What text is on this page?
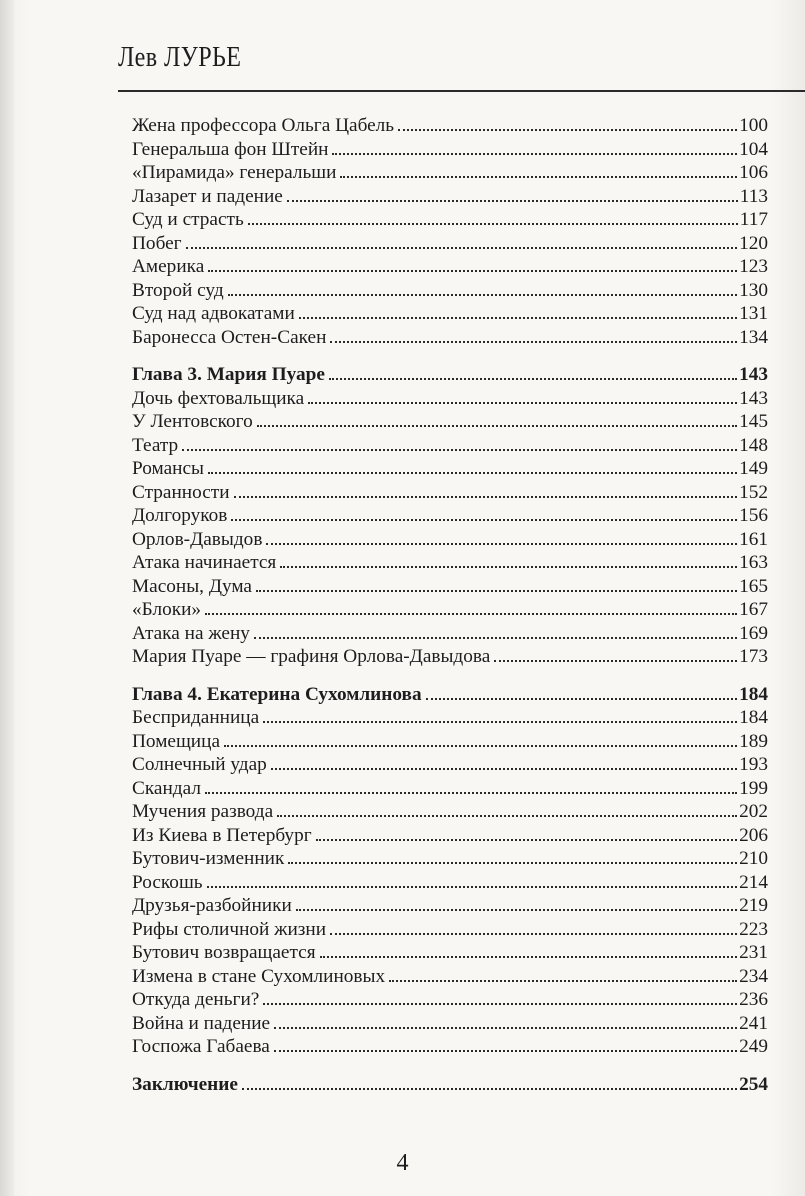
Лев ЛУРЬЕ
Жена профессора Ольга Цабель	100
Генеральша фон Штейн	104
«Пирамида» генеральши	106
Лазарет и падение	113
Суд и страсть	117
Побег	120
Америка	123
Второй суд	130
Суд над адвокатами	131
Баронесса Остен-Сакен	134
Глава 3. Мария Пуаре	143
Дочь фехтовальщика	143
У Лентовского	145
Театр	148
Романсы	149
Странности	152
Долгоруков	156
Орлов-Давыдов	161
Атака начинается	163
Масоны, Дума	165
«Блоки»	167
Атака на жену	169
Мария Пуаре — графиня Орлова-Давыдова	173
Глава 4. Екатерина Сухомлинова	184
Бесприданница	184
Помещица	189
Солнечный удар	193
Скандал	199
Мучения развода	202
Из Киева в Петербург	206
Бутович-изменник	210
Роскошь	214
Друзья-разбойники	219
Рифы столичной жизни	223
Бутович возвращается	231
Измена в стане Сухомлиновых	234
Откуда деньги?	236
Война и падение	241
Госпожа Габаева	249
Заключение	254
4
